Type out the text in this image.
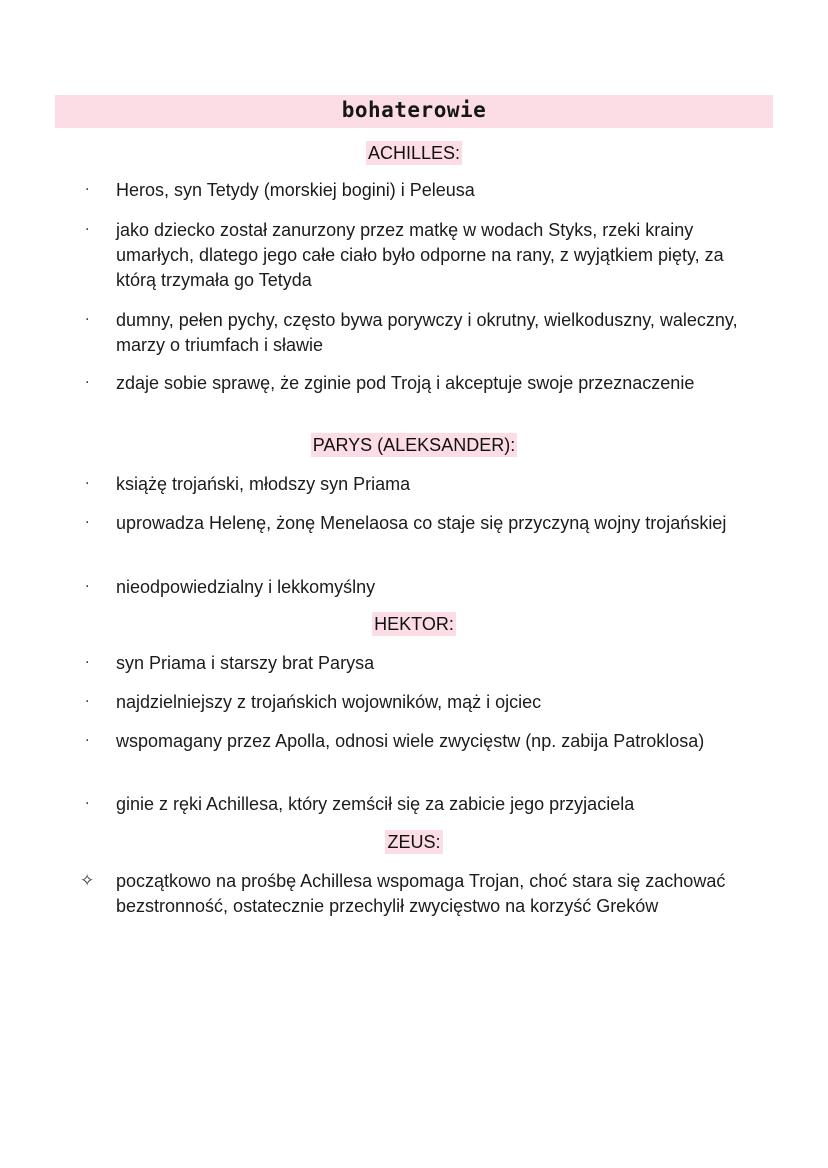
bohaterowie
ACHILLES:
·	Heros, syn Tetydy (morskiej bogini) i Peleusa
·	jako dziecko został zanurzony przez matkę w wodach Styks, rzeki krainy umarłych, dlatego jego całe ciało było odporne na rany, z wyjątkiem pięty, za którą trzymała go Tetyda
·	dumny, pełen pychy, często bywa porywczy i okrutny, wielkoduszny, waleczny, marzy o triumfach i sławie
·	zdaje sobie sprawę, że zginie pod Troją i akceptuje swoje przeznaczenie
PARYS (ALEKSANDER):
·	książę trojański, młodszy syn Priama
·	uprowadza Helenę, żonę Menelaosa co staje się przyczyną wojny trojańskiej
·	nieodpowiedzialny i lekkomyślny
HEKTOR:
·	syn Priama i starszy brat Parysa
·	najdzielniejszy z trojańskich wojowników, mąż i ojciec
·	wspomagany przez Apolla, odnosi wiele zwycięstw (np. zabija Patroklosa)
·	ginie z ręki Achillesa, który zemścił się za zabicie jego przyjaciela
ZEUS:
✧	początkowo na prośbę Achillesa wspomaga Trojan, choć stara się zachować bezstronność, ostatecznie przechylił zwycięstwo na korzyść Greków
